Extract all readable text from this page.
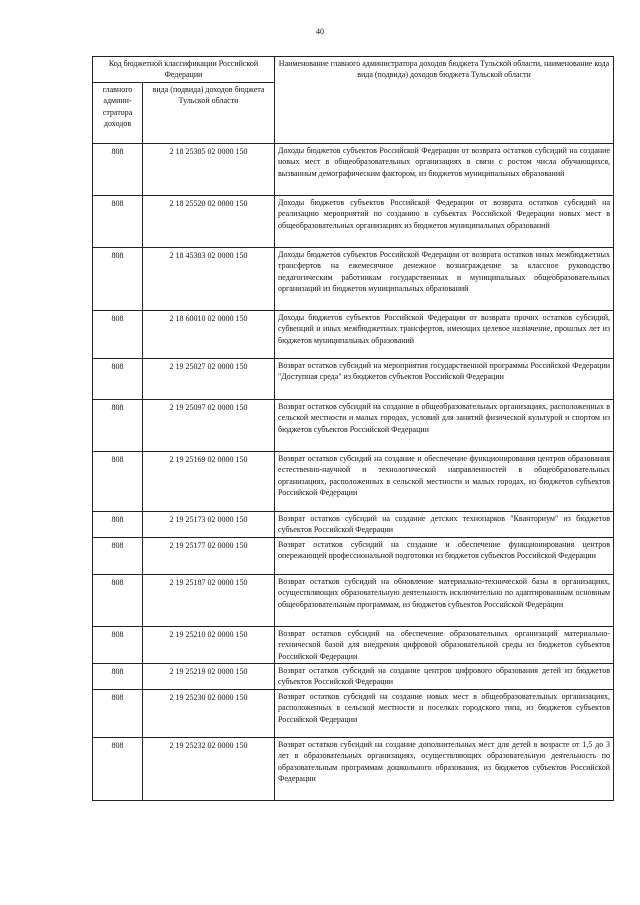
40
Код бюджетной классификации Российской Федерации		Наименование главного администратора доходов бюджета Тульской области, наименование кода вида (подвида) доходов бюджета Тульской области
главного админи-стратора доходов	вида (подвида) доходов бюджета Тульской области	
808	2 18 25305 02 0000 150	Доходы бюджетов субъектов Российской Федерации от возврата остатков субсидий на создание новых мест в общеобразовательных организациях в связи с ростом числа обучающихся, вызванным демографическим фактором, из бюджетов муниципальных образований
808	2 18 25520 02 0000 150	Доходы бюджетов субъектов Российской Федерации от возврата остатков субсидий на реализацию мероприятий по созданию в субъектах Российской Федерации новых мест в общеобразовательных организациях из бюджетов муниципальных образований
808	2 18 45303 02 0000 150	Доходы бюджетов субъектов Российской Федерации от возврата остатков иных межбюджетных трансфертов на ежемесячное денежное вознаграждение за классное руководство педагогическим работникам государственных и муниципальных общеобразовательных организаций из бюджетов муниципальных образований
808	2 18 60010 02 0000 150	Доходы бюджетов субъектов Российской Федерации от возврата прочих остатков субсидий, субвенций и иных межбюджетных трансфертов, имеющих целевое назначение, прошлых лет из бюджетов муниципальных образований
808	2 19 25027 02 0000 150	Возврат остатков субсидий на мероприятия государственной программы Российской Федерации "Доступная среда" из бюджетов субъектов Российской Федерации
808	2 19 25097 02 0000 150	Возврат остатков субсидий на создание в общеобразовательных организациях, расположенных в сельской местности и малых городах, условий для занятий физической культурой и спортом из бюджетов субъектов Российской Федерации
808	2 19 25169 02 0000 150	Возврат остатков субсидий на создание и обеспечение функционирования центров образования естественно-научной и технологической направленностей в общеобразовательных организациях, расположенных в сельской местности и малых городах, из бюджетов субъектов Российской Федерации
808	2 19 25173 02 0000 150	Возврат остатков субсидий на создание детских технопарков "Кванториум" из бюджетов субъектов Российской Федерации
808	2 19 25177 02 0000 150	Возврат остатков субсидий на создание и обеспечение функционирования центров опережающей профессиональной подготовки из бюджетов субъектов Российской Федерации
808	2 19 25187 02 0000 150	Возврат остатков субсидий на обновление материально-технической базы в организациях, осуществляющих образовательную деятельность исключительно по адаптированным основным общеобразовательным программам, из бюджетов субъектов Российской Федерации
808	2 19 25210 02 0000 150	Возврат остатков субсидий на обеспечение образовательных организаций материально-технической базой для внедрения цифровой образовательной среды из бюджетов субъектов Российской Федерации
808	2 19 25219 02 0000 150	Возврат остатков субсидий на создание центров цифрового образования детей из бюджетов субъектов Российской Федерации
808	2 19 25230 02 0000 150	Возврат остатков субсидий на создание новых мест в общеобразовательных организациях, расположенных в сельской местности и поселках городского типа, из бюджетов субъектов Российской Федерации
808	2 19 25232 02 0000 150	Возврат остатков субсидий на создание дополнительных мест для детей в возрасте от 1,5 до 3 лет в образовательных организациях, осуществляющих образовательную деятельность по образовательным программам дошкольного образования, из бюджетов субъектов Российской Федерации
